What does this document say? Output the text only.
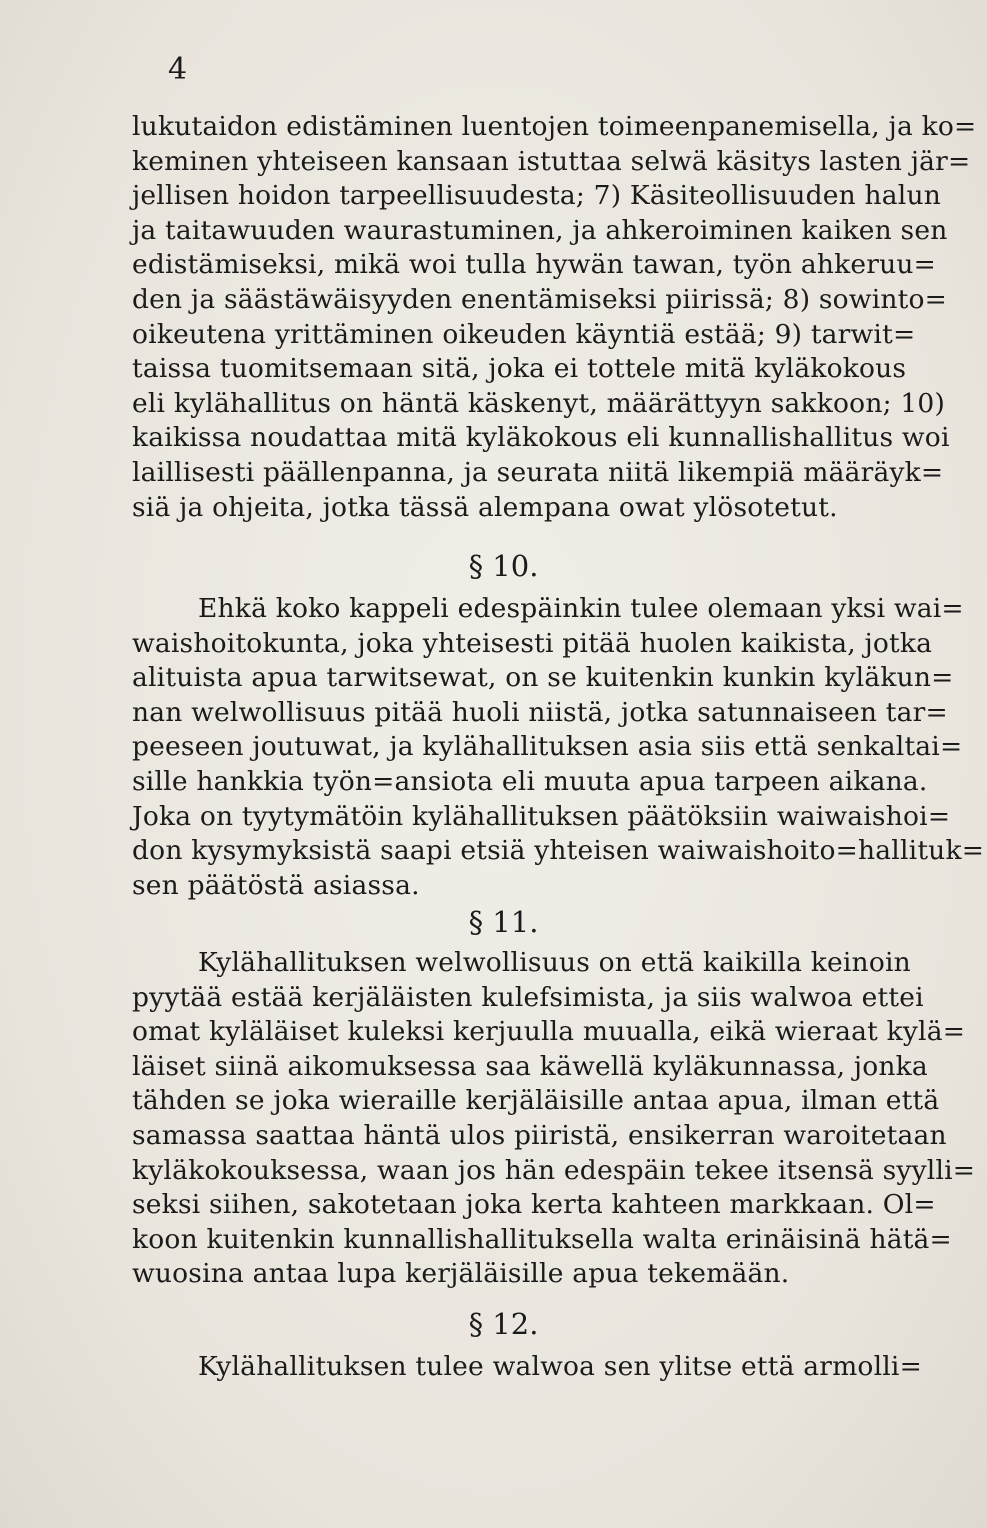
4
lukutaidon edistäminen luentojen toimeenpanemisella, ja ko=
keminen yhteiseen kansaan istuttaa selwä käsitys lasten jär=
jellisen hoidon tarpeellisuudesta; 7) Käsiteollisuuden halun
ja taitawuuden waurastuminen, ja ahkeroiminen kaiken sen
edistämiseksi, mikä woi tulla hywän tawan, työn ahkeruu=
den ja säästäwäisyyden enentämiseksi piirissä; 8) sowinto=
oikeutena yrittäminen oikeuden käyntiä estää; 9) tarwit=
taissa tuomitsemaan sitä, joka ei tottele mitä kyläkokous
eli kylähallitus on häntä käskenyt, määrättyyn sakkoon; 10)
kaikissa noudattaa mitä kyläkokous eli kunnallishallitus woi
laillisesti päällenpanna, ja seurata niitä likempiä määräyk=
siä ja ohjeita, jotka tässä alempana owat ylösotetut.
§ 10.
Ehkä koko kappeli edespäinkin tulee olemaan yksi wai=
waishoitokunta, joka yhteisesti pitää huolen kaikista, jotka
alituista apua tarwitsewat, on se kuitenkin kunkin kyläkun=
nan welwollisuus pitää huoli niistä, jotka satunnaiseen tar=
peeseen joutuwat, ja kylähallituksen asia siis että senkaltai=
sille hankkia työn=ansiota eli muuta apua tarpeen aikana.
Joka on tyytymätöin kylähallituksen päätöksiin waiwaishoi=
don kysymyksistä saapi etsiä yhteisen waiwaishoito=hallituk=
sen päätöstä asiassa.
§ 11.
Kylähallituksen welwollisuus on että kaikilla keinoin
pyytää estää kerjäläisten kulefsimista, ja siis walwoa ettei
omat kyläläiset kuleksi kerjuulla muualla, eikä wieraat kylä=
läiset siinä aikomuksessa saa käwellä kyläkunnassa, jonka
tähden se joka wieraille kerjäläisille antaa apua, ilman että
samassa saattaa häntä ulos piiristä, ensikerran waroitetaan
kyläkokouksessa, waan jos hän edespäin tekee itsensä syylli=
seksi siihen, sakotetaan joka kerta kahteen markkaan. Ol=
koon kuitenkin kunnallishallituksella walta erinäisinä hätä=
wuosina antaa lupa kerjäläisille apua tekemään.
§ 12.
Kylähallituksen tulee walwoa sen ylitse että armolli=
